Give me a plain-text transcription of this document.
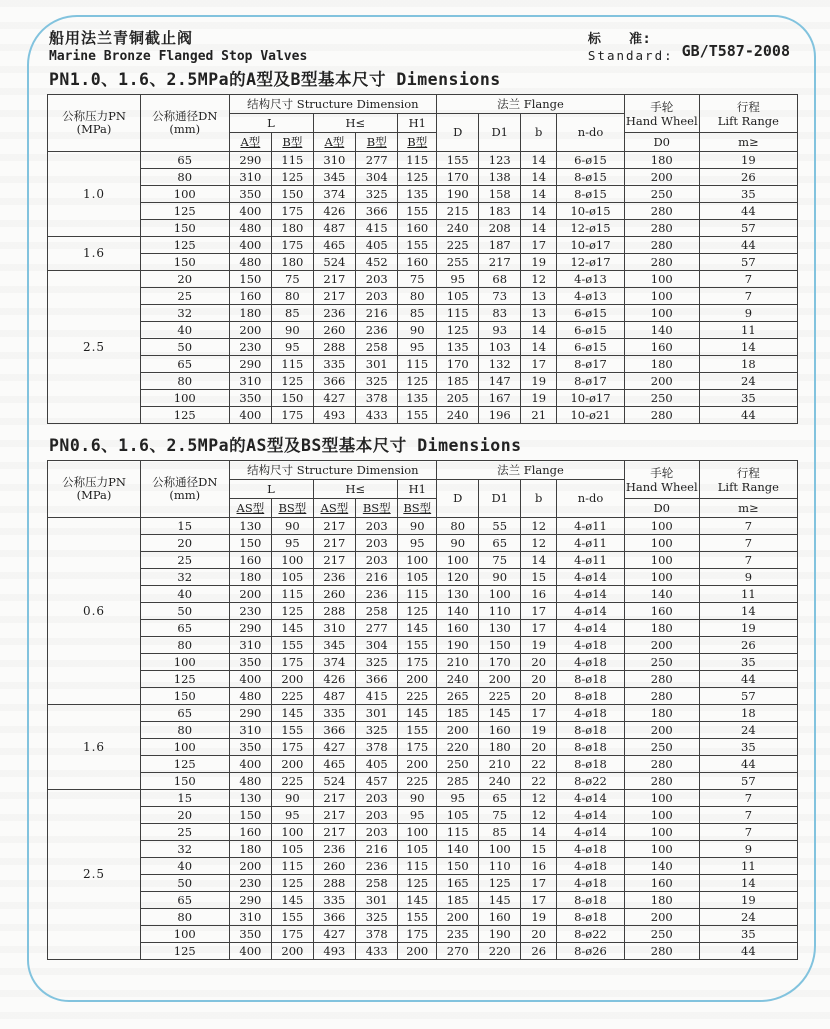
船用法兰青铜截止阀
Marine Bronze Flanged Stop Valves
标    准:
Standard: GB/T587-2008
PN1.0、1.6、2.5MPa的A型及B型基本尺寸 Dimensions
公称压力PN
(MPa)

公称通径DN
(mm)
	结构尺寸 Structure Dimension	法兰 Flange	手轮
Hand Wheel

行程
Lift Range

		L		H≤		H1	D	D1	b	n-do		
		A型	B型	A型	B型	B型					D0	m≥
1.0	65	290	115	310	277	115	155	123	14	6-ø15	180	19
	80	310	125	345	304	125	170	138	14	8-ø15	200	26
	100	350	150	374	325	135	190	158	14	8-ø15	250	35
	125	400	175	426	366	155	215	183	14	10-ø15	280	44
	150	480	180	487	415	160	240	208	14	12-ø15	280	57
1.6	125	400	175	465	405	155	225	187	17	10-ø17	280	44
	150	480	180	524	452	160	255	217	19	12-ø17	280	57
2.5	20	150	75	217	203	75	95	68	12	4-ø13	100	7
	25	160	80	217	203	80	105	73	13	4-ø13	100	7
	32	180	85	236	216	85	115	83	13	6-ø15	100	9
	40	200	90	260	236	90	125	93	14	6-ø15	140	11
	50	230	95	288	258	95	135	103	14	6-ø15	160	14
	65	290	115	335	301	115	170	132	17	8-ø17	180	18
	80	310	125	366	325	125	185	147	19	8-ø17	200	24
	100	350	150	427	378	135	205	167	19	10-ø17	250	35
	125	400	175	493	433	155	240	196	21	10-ø21	280	44
PN0.6、1.6、2.5MPa的AS型及BS型基本尺寸 Dimensions
公称压力PN
(MPa)

公称通径DN
(mm)
	结构尺寸 Structure Dimension	法兰 Flange	手轮
Hand Wheel

行程
Lift Range

		L		H≤		H1	D	D1	b	n-do		
		AS型	BS型	AS型	BS型	BS型					D0	m≥
0.6	15	130	90	217	203	90	80	55	12	4-ø11	100	7
	20	150	95	217	203	95	90	65	12	4-ø11	100	7
	25	160	100	217	203	100	100	75	14	4-ø11	100	7
	32	180	105	236	216	105	120	90	15	4-ø14	100	9
	40	200	115	260	236	115	130	100	16	4-ø14	140	11
	50	230	125	288	258	125	140	110	17	4-ø14	160	14
	65	290	145	310	277	145	160	130	17	4-ø14	180	19
	80	310	155	345	304	155	190	150	19	4-ø18	200	26
	100	350	175	374	325	175	210	170	20	4-ø18	250	35
	125	400	200	426	366	200	240	200	20	8-ø18	280	44
	150	480	225	487	415	225	265	225	20	8-ø18	280	57
1.6	65	290	145	335	301	145	185	145	17	4-ø18	180	18
	80	310	155	366	325	155	200	160	19	8-ø18	200	24
	100	350	175	427	378	175	220	180	20	8-ø18	250	35
	125	400	200	465	405	200	250	210	22	8-ø18	280	44
	150	480	225	524	457	225	285	240	22	8-ø22	280	57
2.5	15	130	90	217	203	90	95	65	12	4-ø14	100	7
	20	150	95	217	203	95	105	75	12	4-ø14	100	7
	25	160	100	217	203	100	115	85	14	4-ø14	100	7
	32	180	105	236	216	105	140	100	15	4-ø18	100	9
	40	200	115	260	236	115	150	110	16	4-ø18	140	11
	50	230	125	288	258	125	165	125	17	4-ø18	160	14
	65	290	145	335	301	145	185	145	17	8-ø18	180	19
	80	310	155	366	325	155	200	160	19	8-ø18	200	24
	100	350	175	427	378	175	235	190	20	8-ø22	250	35
	125	400	200	493	433	200	270	220	26	8-ø26	280	44
